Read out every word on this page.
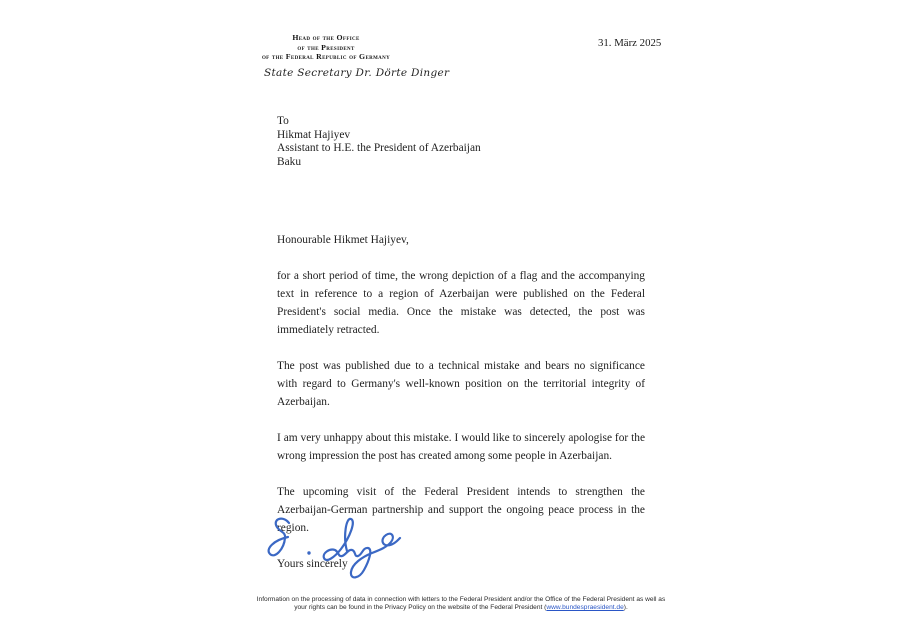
Head of the Office
of the President
of the Federal Republic of Germany
State Secretary Dr. Dörte Dinger
31. März 2025
To
Hikmat Hajiyev
Assistant to H.E. the President of Azerbaijan
Baku

Honourable Hikmet Hajiyev,

for a short period of time, the wrong depiction of a flag and the accompanying text in reference to a region of Azerbaijan were published on the Federal President's social media. Once the mistake was detected, the post was immediately retracted.

The post was published due to a technical mistake and bears no significance with regard to Germany's well-known position on the territorial integrity of Azerbaijan.

I am very unhappy about this mistake. I would like to sincerely apologise for the wrong impression the post has created among some people in Azerbaijan.

The upcoming visit of the Federal President intends to strengthen the Azerbaijan-German partnership and support the ongoing peace process in the region.

Yours sincerely

Information on the processing of data in connection with letters to the Federal President and/or the Office of the Federal President as well as
your rights can be found in the Privacy Policy on the website of the Federal President (www.bundespraesident.de).
